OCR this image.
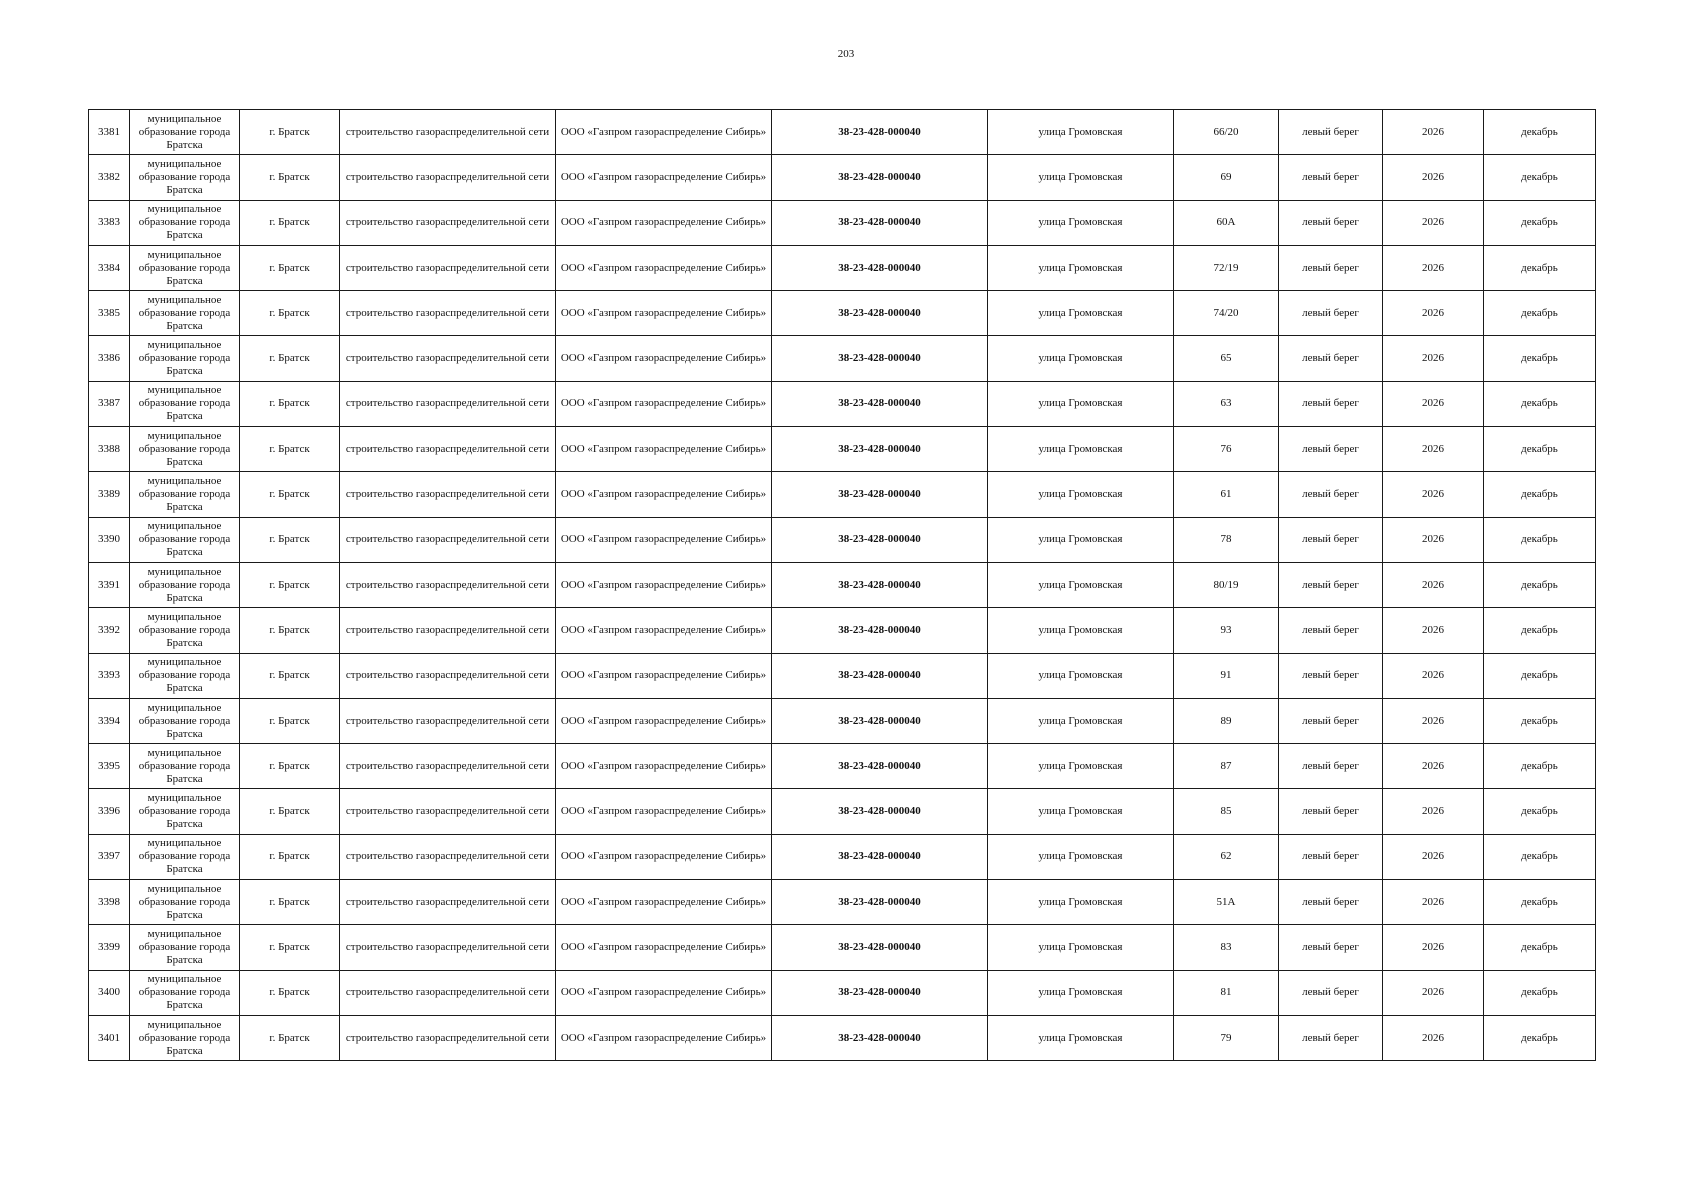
203
3381	муниципальное образование города Братска	г. Братск	строительство газораспределительной сети	ООО «Газпром газораспределение Сибирь»	38-23-428-000040	улица Громовская	66/20	левый берег	2026	декабрь
3382	муниципальное образование города Братска	г. Братск	строительство газораспределительной сети	ООО «Газпром газораспределение Сибирь»	38-23-428-000040	улица Громовская	69	левый берег	2026	декабрь
3383	муниципальное образование города Братска	г. Братск	строительство газораспределительной сети	ООО «Газпром газораспределение Сибирь»	38-23-428-000040	улица Громовская	60А	левый берег	2026	декабрь
3384	муниципальное образование города Братска	г. Братск	строительство газораспределительной сети	ООО «Газпром газораспределение Сибирь»	38-23-428-000040	улица Громовская	72/19	левый берег	2026	декабрь
3385	муниципальное образование города Братска	г. Братск	строительство газораспределительной сети	ООО «Газпром газораспределение Сибирь»	38-23-428-000040	улица Громовская	74/20	левый берег	2026	декабрь
3386	муниципальное образование города Братска	г. Братск	строительство газораспределительной сети	ООО «Газпром газораспределение Сибирь»	38-23-428-000040	улица Громовская	65	левый берег	2026	декабрь
3387	муниципальное образование города Братска	г. Братск	строительство газораспределительной сети	ООО «Газпром газораспределение Сибирь»	38-23-428-000040	улица Громовская	63	левый берег	2026	декабрь
3388	муниципальное образование города Братска	г. Братск	строительство газораспределительной сети	ООО «Газпром газораспределение Сибирь»	38-23-428-000040	улица Громовская	76	левый берег	2026	декабрь
3389	муниципальное образование города Братска	г. Братск	строительство газораспределительной сети	ООО «Газпром газораспределение Сибирь»	38-23-428-000040	улица Громовская	61	левый берег	2026	декабрь
3390	муниципальное образование города Братска	г. Братск	строительство газораспределительной сети	ООО «Газпром газораспределение Сибирь»	38-23-428-000040	улица Громовская	78	левый берег	2026	декабрь
3391	муниципальное образование города Братска	г. Братск	строительство газораспределительной сети	ООО «Газпром газораспределение Сибирь»	38-23-428-000040	улица Громовская	80/19	левый берег	2026	декабрь
3392	муниципальное образование города Братска	г. Братск	строительство газораспределительной сети	ООО «Газпром газораспределение Сибирь»	38-23-428-000040	улица Громовская	93	левый берег	2026	декабрь
3393	муниципальное образование города Братска	г. Братск	строительство газораспределительной сети	ООО «Газпром газораспределение Сибирь»	38-23-428-000040	улица Громовская	91	левый берег	2026	декабрь
3394	муниципальное образование города Братска	г. Братск	строительство газораспределительной сети	ООО «Газпром газораспределение Сибирь»	38-23-428-000040	улица Громовская	89	левый берег	2026	декабрь
3395	муниципальное образование города Братска	г. Братск	строительство газораспределительной сети	ООО «Газпром газораспределение Сибирь»	38-23-428-000040	улица Громовская	87	левый берег	2026	декабрь
3396	муниципальное образование города Братска	г. Братск	строительство газораспределительной сети	ООО «Газпром газораспределение Сибирь»	38-23-428-000040	улица Громовская	85	левый берег	2026	декабрь
3397	муниципальное образование города Братска	г. Братск	строительство газораспределительной сети	ООО «Газпром газораспределение Сибирь»	38-23-428-000040	улица Громовская	62	левый берег	2026	декабрь
3398	муниципальное образование города Братска	г. Братск	строительство газораспределительной сети	ООО «Газпром газораспределение Сибирь»	38-23-428-000040	улица Громовская	51А	левый берег	2026	декабрь
3399	муниципальное образование города Братска	г. Братск	строительство газораспределительной сети	ООО «Газпром газораспределение Сибирь»	38-23-428-000040	улица Громовская	83	левый берег	2026	декабрь
3400	муниципальное образование города Братска	г. Братск	строительство газораспределительной сети	ООО «Газпром газораспределение Сибирь»	38-23-428-000040	улица Громовская	81	левый берег	2026	декабрь
3401	муниципальное образование города Братска	г. Братск	строительство газораспределительной сети	ООО «Газпром газораспределение Сибирь»	38-23-428-000040	улица Громовская	79	левый берег	2026	декабрь
